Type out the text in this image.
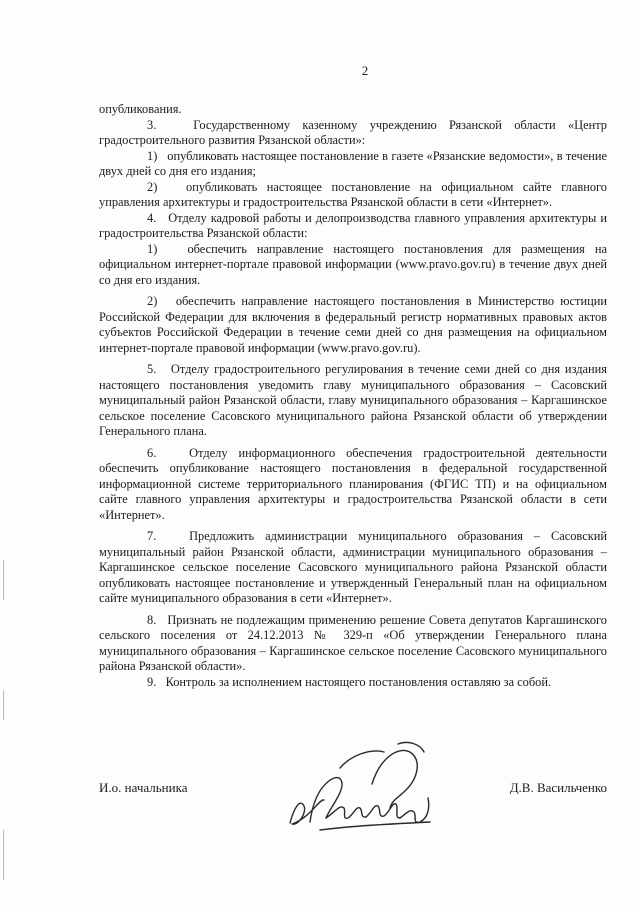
2

опубликования.

3.   Государственному казенному учреждению Рязанской области «Центр градостроительного развития Рязанской области»:

1)   опубликовать настоящее постановление в газете «Рязанские ведомости», в течение двух дней со дня его издания;

2)   опубликовать настоящее постановление на официальном сайте главного управления архитектуры и градостроительства Рязанской области в сети «Интернет».

4.   Отделу кадровой работы и делопроизводства главного управления архитектуры и градостроительства Рязанской области:

1)   обеспечить направление настоящего постановления для размещения на официальном интернет-портале правовой информации (www.pravo.gov.ru) в течение двух дней со дня его издания.

2)   обеспечить направление настоящего постановления в Министерство юстиции Российской Федерации для включения в федеральный регистр нормативных правовых актов субъектов Российской Федерации в течение семи дней со дня размещения на официальном интернет-портале правовой информации (www.pravo.gov.ru).

5.   Отделу градостроительного регулирования в течение семи дней со дня издания настоящего постановления уведомить главу муниципального образования – Сасовский муниципальный район Рязанской области, главу муниципального образования – Каргашинское сельское поселение Сасовского муниципального района Рязанской области об утверждении Генерального плана.

6.   Отделу информационного обеспечения градостроительной деятельности обеспечить опубликование настоящего постановления в федеральной государственной информационной системе территориального планирования (ФГИС ТП) и на официальном сайте главного управления архитектуры и градостроительства Рязанской области в сети «Интернет».

7.   Предложить администрации муниципального образования – Сасовский муниципальный район Рязанской области, администрации муниципального образования – Каргашинское сельское поселение Сасовского муниципального района Рязанской области опубликовать настоящее постановление и утвержденный Генеральный план на официальном сайте муниципального образования в сети «Интернет».

8.   Признать не подлежащим применению решение Совета депутатов Каргашинского сельского поселения от 24.12.2013 № 329-п «Об утверждении Генерального плана муниципального образования – Каргашинское сельское поселение Сасовского муниципального района Рязанской области».

9.   Контроль за исполнением настоящего постановления оставляю за собой.

И.о. начальника	Д.В. Васильченко
